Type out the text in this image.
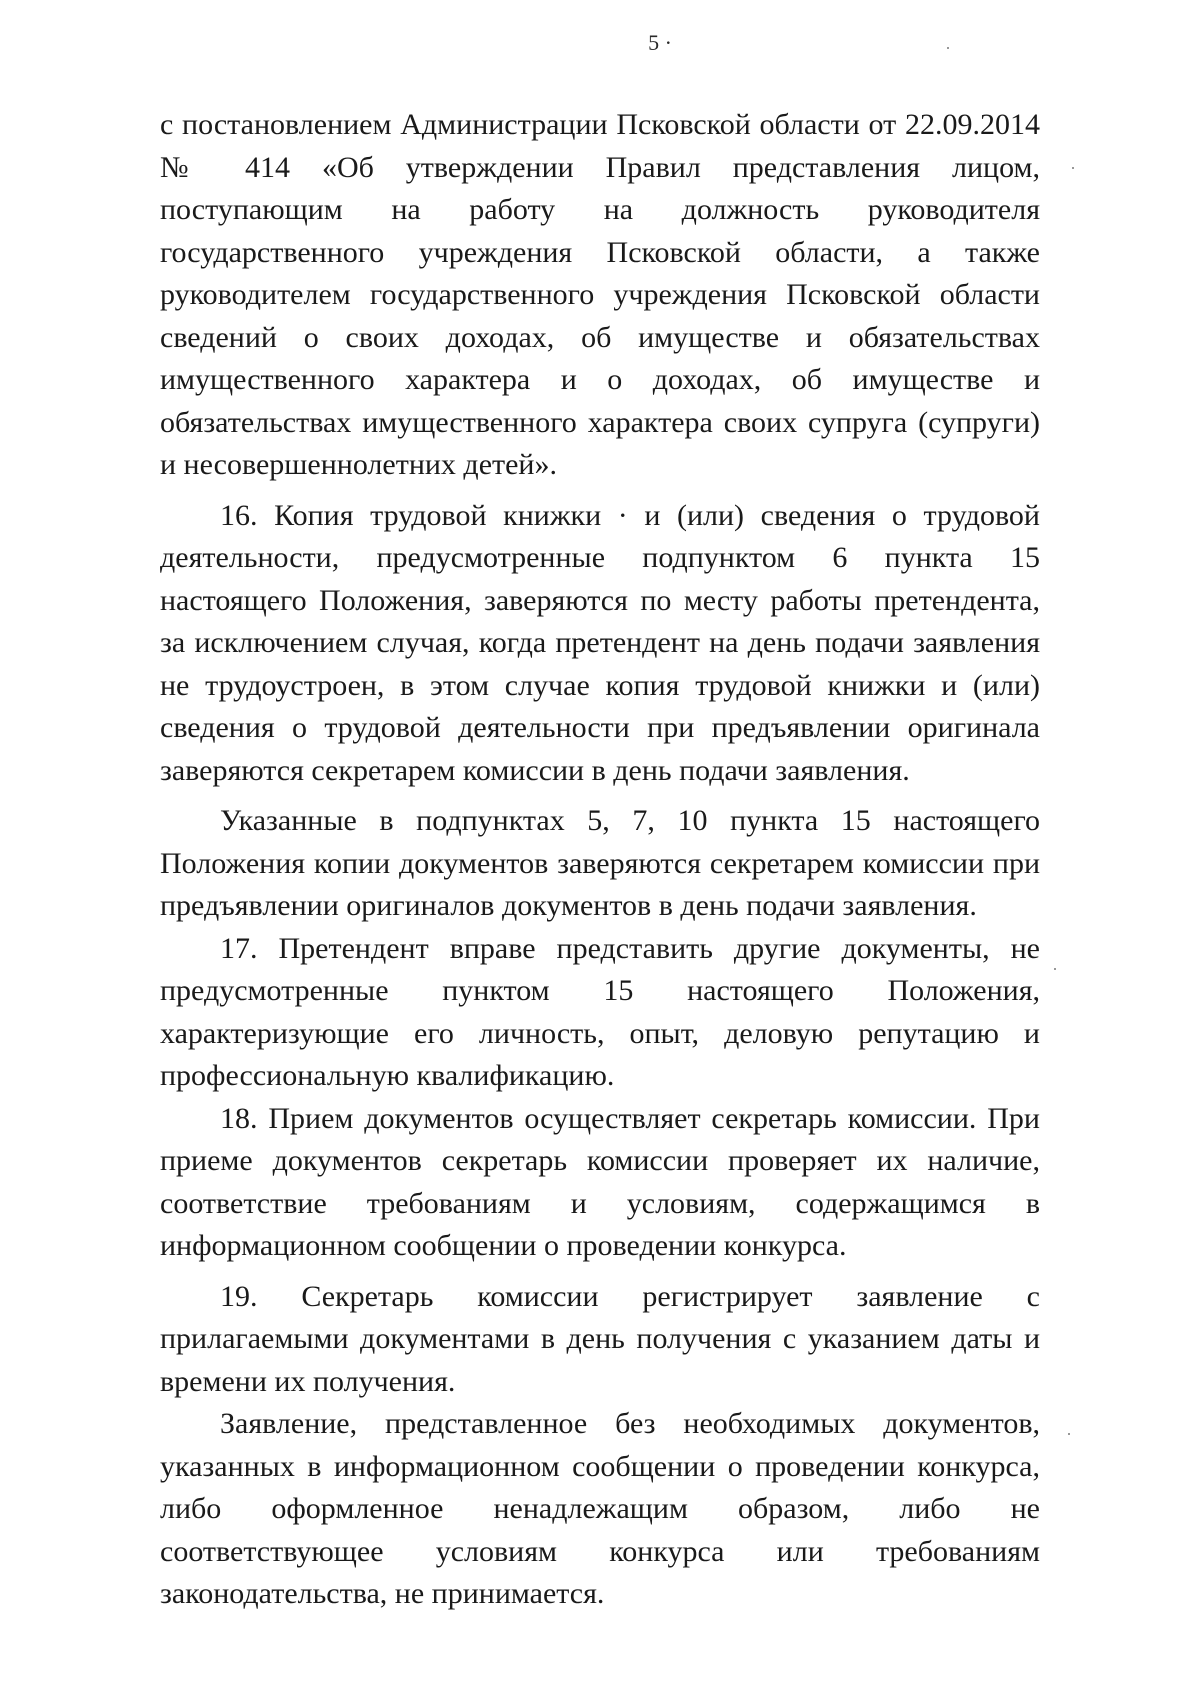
5 ·

с постановлением Администрации Псковской области от 22.09.2014 № 414 «Об утверждении Правил представления лицом, поступающим на работу на должность руководителя государственного учреждения Псковской области, а также руководителем государственного учреждения Псковской области сведений о своих доходах, об имуществе и обязательствах имущественного характера и о доходах, об имуществе и обязательствах имущественного характера своих супруга (супруги) и несовершеннолетних детей».

16. Копия трудовой книжки · и (или) сведения о трудовой деятельности, предусмотренные подпунктом 6 пункта 15 настоящего Положения, заверяются по месту работы претендента, за исключением случая, когда претендент на день подачи заявления не трудоустроен, в этом случае копия трудовой книжки и (или) сведения о трудовой деятельности при предъявлении оригинала заверяются секретарем комиссии в день подачи заявления.

Указанные в подпунктах 5, 7, 10 пункта 15 настоящего Положения копии документов заверяются секретарем комиссии при предъявлении оригиналов документов в день подачи заявления.

17. Претендент вправе представить другие документы, не предусмотренные пунктом 15 настоящего Положения, характеризующие его личность, опыт, деловую репутацию и профессиональную квалификацию.

18. Прием документов осуществляет секретарь комиссии. При приеме документов секретарь комиссии проверяет их наличие, соответствие требованиям и условиям, содержащимся в информационном сообщении о проведении конкурса.

19. Секретарь комиссии регистрирует заявление с прилагаемыми документами в день получения с указанием даты и времени их получения.

Заявление, представленное без необходимых документов, указанных в информационном сообщении о проведении конкурса, либо оформленное ненадлежащим образом, либо не соответствующее условиям конкурса или требованиям законодательства, не принимается.
